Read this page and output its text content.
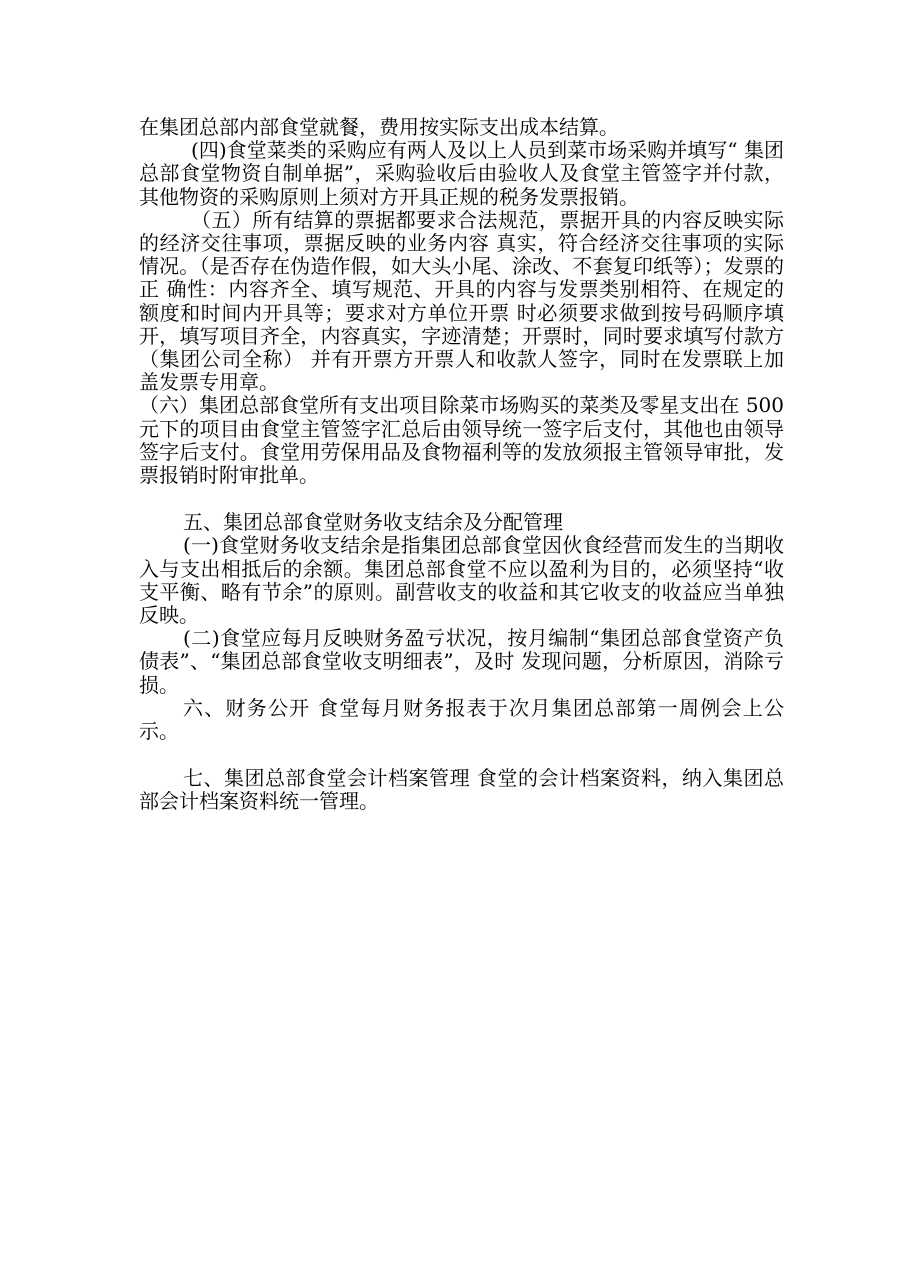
在集团总部内部食堂就餐，费用按实际支出成本结算。

(四)食堂菜类的采购应有两人及以上人员到菜市场采购并填写“ 集团总部食堂物资自制单据”，采购验收后由验收人及食堂主管签字并付款，其他物资的采购原则上须对方开具正规的税务发票报销。

（五）所有结算的票据都要求合法规范，票据开具的内容反映实际的经济交往事项，票据反映的业务内容 真实，符合经济交往事项的实际情况。（是否存在伪造作假，如大头小尾、涂改、不套复印纸等）；发票的正 确性：内容齐全、填写规范、开具的内容与发票类别相符、在规定的额度和时间内开具等；要求对方单位开票 时必须要求做到按号码顺序填开，填写项目齐全，内容真实，字迹清楚；开票时，同时要求填写付款方（集团公司全称） 并有开票方开票人和收款人签字，同时在发票联上加盖发票专用章。

（六）集团总部食堂所有支出项目除菜市场购买的菜类及零星支出在 500 元下的项目由食堂主管签字汇总后由领导统一签字后支付，其他也由领导签字后支付。食堂用劳保用品及食物福利等的发放须报主管领导审批，发 票报销时附审批单。

五、集团总部食堂财务收支结余及分配管理

(一)食堂财务收支结余是指集团总部食堂因伙食经营而发生的当期收入与支出相抵后的余额。集团总部食堂不应以盈利为目的，必须坚持“收支平衡、略有节余”的原则。副营收支的收益和其它收支的收益应当单独反映。

(二)食堂应每月反映财务盈亏状况，按月编制“集团总部食堂资产负债表”、“集团总部食堂收支明细表”，及时 发现问题，分析原因，消除亏损。

六、财务公开 食堂每月财务报表于次月集团总部第一周例会上公示。

七、集团总部食堂会计档案管理 食堂的会计档案资料，纳入集团总部会计档案资料统一管理。
